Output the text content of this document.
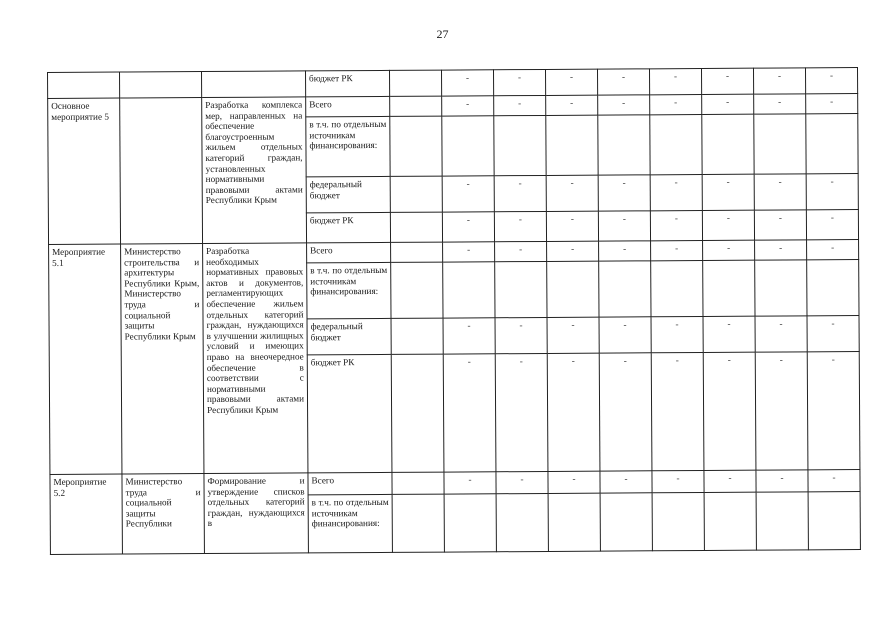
27
			бюджет РК		-	-	-	-	-	-	-	-
Основное мероприятие 5		Разработка комплекса мер, направленных на обеспечение благоустроенным жильем отдельных категорий граждан, установленных нормативными правовыми актами Республики Крым	Всего		-	-	-	-	-	-	-	-
			в т.ч. по отдельным источникам финансирования:									
			федеральный бюджет		-	-	-	-	-	-	-	-
			бюджет РК		-	-	-	-	-	-	-	-
Мероприятие 5.1	Министерство строительства и архитектуры Республики Крым, Министерство труда и социальной защиты Республики Крым	Разработка необходимых нормативных правовых актов и документов, регламентирующих обеспечение жильем отдельных категорий граждан, нуждающихся в улучшении жилищных условий и имеющих право на внеочередное обеспечение в соответствии с нормативными правовыми актами Республики Крым	Всего		-	-	-	-	-	-	-	-
			в т.ч. по отдельным источникам финансирования:									
			федеральный бюджет		-	-	-	-	-	-	-	-
			бюджет РК		-	-	-	-	-	-	-	-
Мероприятие 5.2	Министерство труда и социальной защиты Республики	Формирование и утверждение списков отдельных категорий граждан, нуждающихся в	Всего		-	-	-	-	-	-	-	-
			в т.ч. по отдельным источникам финансирования:									
